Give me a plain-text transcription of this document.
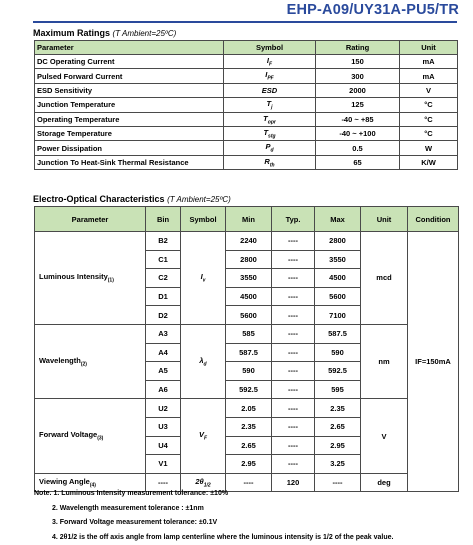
EHP-A09/UY31A-PU5/TR
Maximum Ratings (T Ambient=25ºC)
Parameter	Symbol	Rating	Unit
DC Operating Current	$I_F$	150	mA
Pulsed Forward Current	$I_{PF}$	300	mA
ESD Sensitivity	ESD	2000	V
Junction Temperature	$T_j$	125	°C
Operating Temperature	$T_{opr}$	-40 ~ +85	°C
Storage Temperature	$T_{stg}$	-40 ~ +100	°C
Power Dissipation	$P_d$	0.5	W
Junction To Heat-Sink Thermal Resistance	$R_{th}$	65	K/W
Electro-Optical Characteristics (T Ambient=25ºC)
Parameter	Bin	Symbol	Min	Typ.	Max	Unit	Condition
Luminous Intensity$_{(1)}$	B2	$I_v$	2240	----	2800	mcd	IF=150mA
	C1		2800	----	3550		
	C2		3550	----	4500		
	D1		4500	----	5600		
	D2		5600	----	7100		
Wavelength$_{(2)}$	A3	$\lambda_d$	585	----	587.5	nm	
	A4		587.5	----	590		
	A5		590	----	592.5		
	A6		592.5	----	595		
Forward Voltage$_{(3)}$	U2	$V_F$	2.05	----	2.35	V	
	U3		2.35	----	2.65		
	U4		2.65	----	2.95		
	V1		2.95	----	3.25		
Viewing Angle$_{(4)}$	----	$2\theta_{1/2}$	----	120	----	deg	
Note. 1. Luminous Intensity measurement tolerance: ±10%
2. Wavelength measurement tolerance : ±1nm
3. Forward Voltage measurement tolerance: ±0.1V
4. 2θ1/2 is the off axis angle from lamp centerline where the luminous intensity is 1/2 of the peak value.
